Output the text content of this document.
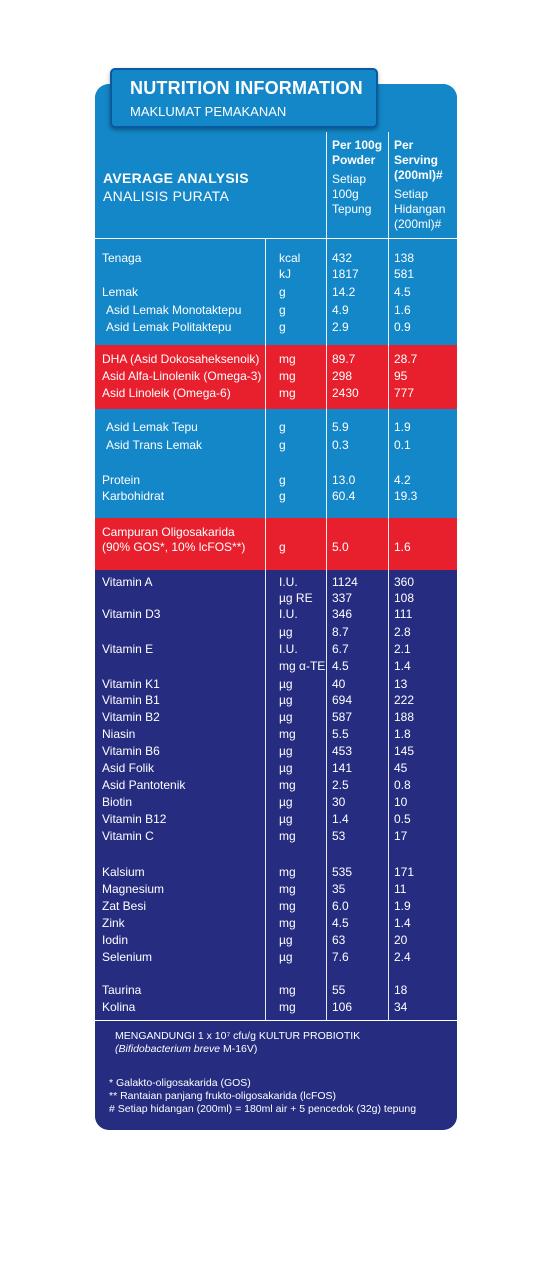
AVERAGE ANALYSIS
ANALISIS PURATA
Per 100g
Powder
Setiap
100g
Tepung
Per Serving
(200ml)#
Setiap
Hidangan
(200ml)#
Tenaga	kcal	432	138
kJ	1817	581
Lemak	g	14.2	4.5
Asid Lemak Monotaktepu	g	4.9	1.6
Asid Lemak Politaktepu	g	2.9	0.9
DHA (Asid Dokosaheksenoik) mg	89.7	28.7
Asid Alfa-Linolenik (Omega-3) mg	298	95
Asid Linoleik (Omega-6)	mg	2430	777
Asid Lemak Tepu	g	5.9	1.9
Asid Trans Lemak	g	0.3	0.1
Protein	g	13.0	4.2
Karbohidrat	g	60.4	19.3
Campuran Oligosakarida
(90% GOS*, 10% lcFOS**)	g	5.0	1.6
Vitamin A	I.U.	1124	360
µg RE 337	108
Vitamin D3	I.U.	346	111
µg	8.7	2.8
Vitamin E	I.U.	6.7	2.1
mg α-TE 4.5	1.4
Vitamin K1	µg	40	13
Vitamin B1	µg	694	222
Vitamin B2	µg	587	188
Niasin	mg	5.5	1.8
Vitamin B6	µg	453	145
Asid Folik	µg	141	45
Asid Pantotenik	mg	2.5	0.8
Biotin	µg	30	10
Vitamin B12	µg	1.4	0.5
Vitamin C	mg	53	17
Kalsium	mg	535	171
Magnesium	mg	35	11
Zat Besi	mg	6.0	1.9
Zink	mg	4.5	1.4
Iodin	µg	63	20
Selenium	µg	7.6	2.4
Taurina	mg	55	18
Kolina	mg	106	34
MENGANDUNGI 1 x 10⁷ cfu/g KULTUR PROBIOTIK
(Bifidobacterium breve M-16V)
* Galakto-oligosakarida (GOS)
** Rantaian panjang frukto-oligosakarida (lcFOS)
# Setiap hidangan (200ml) = 180ml air + 5 pencedok (32g) tepung
NUTRITION INFORMATION
MAKLUMAT PEMAKANAN
